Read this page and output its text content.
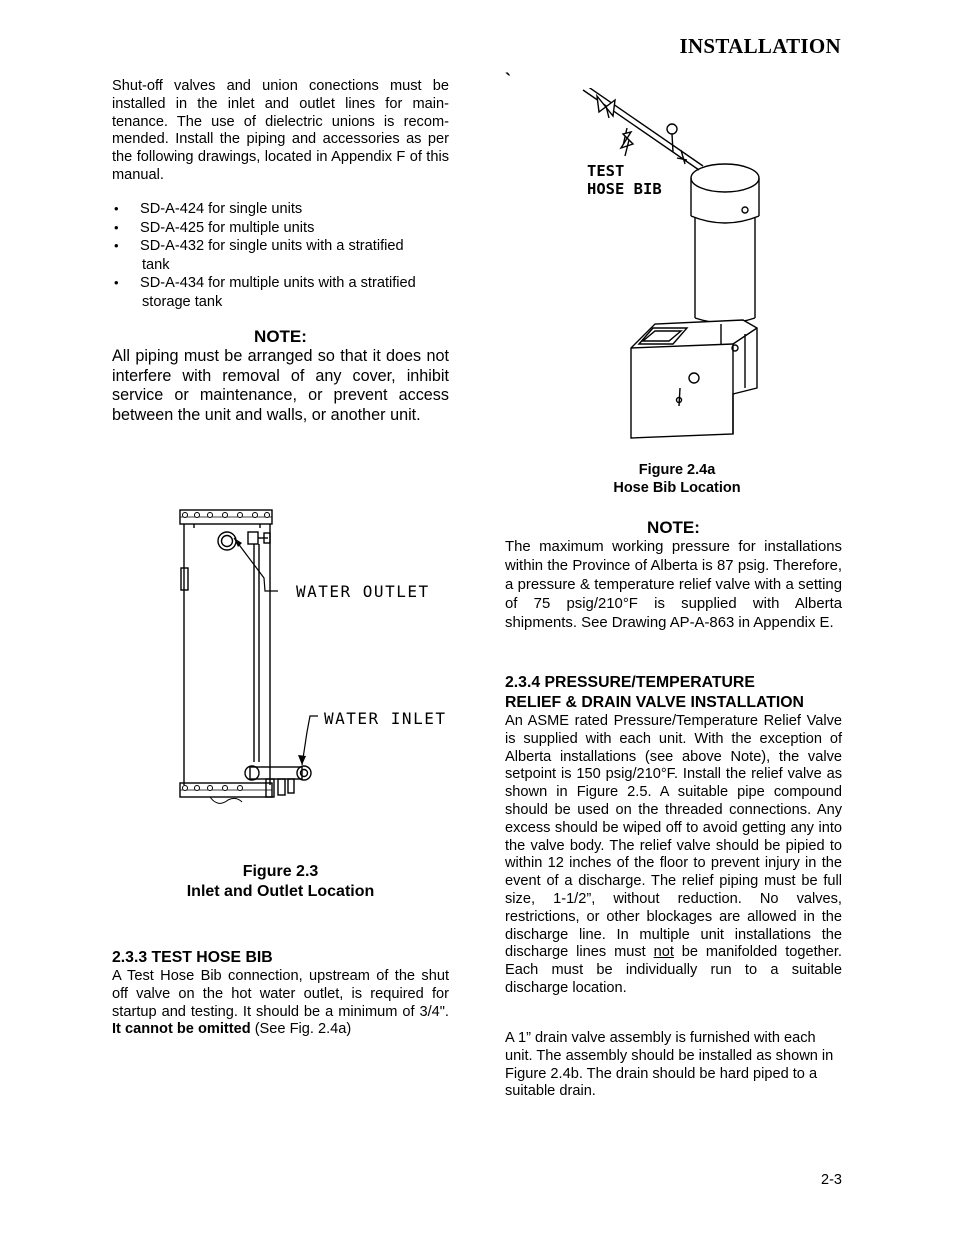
INSTALLATION
`
Shut-off valves and union conections must be installed in the inlet and outlet lines for main- tenance. The use of dielectric unions is recom- mended. Install the piping and accessories as per the following drawings, located in Appendix F of this manual.
• SD-A-424 for single units
• SD-A-425 for multiple units
• SD-A-432 for single units with a stratified
tank
• SD-A-434 for multiple units with a stratified
storage tank
NOTE:
All piping must be arranged so that it does not interfere with removal of any cover, inhibit service or maintenance, or prevent access between the unit and walls, or another unit.
WATER OUTLET
WATER INLET
Figure 2.3
Inlet and Outlet Location
2.3.3 TEST HOSE BIB
A Test Hose Bib connection, upstream of the shut off valve on the hot water outlet, is required for startup and testing. It should be a minimum of 3/4". It cannot be omitted (See Fig. 2.4a)
TEST
HOSE BIB
Figure 2.4a
Hose Bib Location
NOTE:
The maximum working pressure for installations within the Province of Alberta is 87 psig. Therefore, a pressure & temperature relief valve with a setting of 75 psig/210°F is supplied with Alberta shipments. See Drawing AP-A-863 in Appendix E.
2.3.4 PRESSURE/TEMPERATURE
RELIEF & DRAIN VALVE INSTALLATION
An ASME rated Pressure/Temperature Relief Valve is supplied with each unit. With the exception of Alberta installations (see above Note), the valve setpoint is 150 psig/210°F. Install the relief valve as shown in Figure 2.5. A suitable pipe compound should be used on the threaded connections. Any excess should be wiped off to avoid getting any into the valve body. The relief valve should be pipied to within 12 inches of the floor to prevent injury in the event of a discharge. The relief piping must be full size, 1-1/2”, without reduction. No valves, restrictions, or other blockages are allowed in the discharge line. In multiple unit installations the discharge lines must not be manifolded together. Each must be individually run to a suitable discharge location.
A 1” drain valve assembly is furnished with each unit. The assembly should be installed as shown in Figure 2.4b. The drain should be hard piped to a suitable drain.
2-3
